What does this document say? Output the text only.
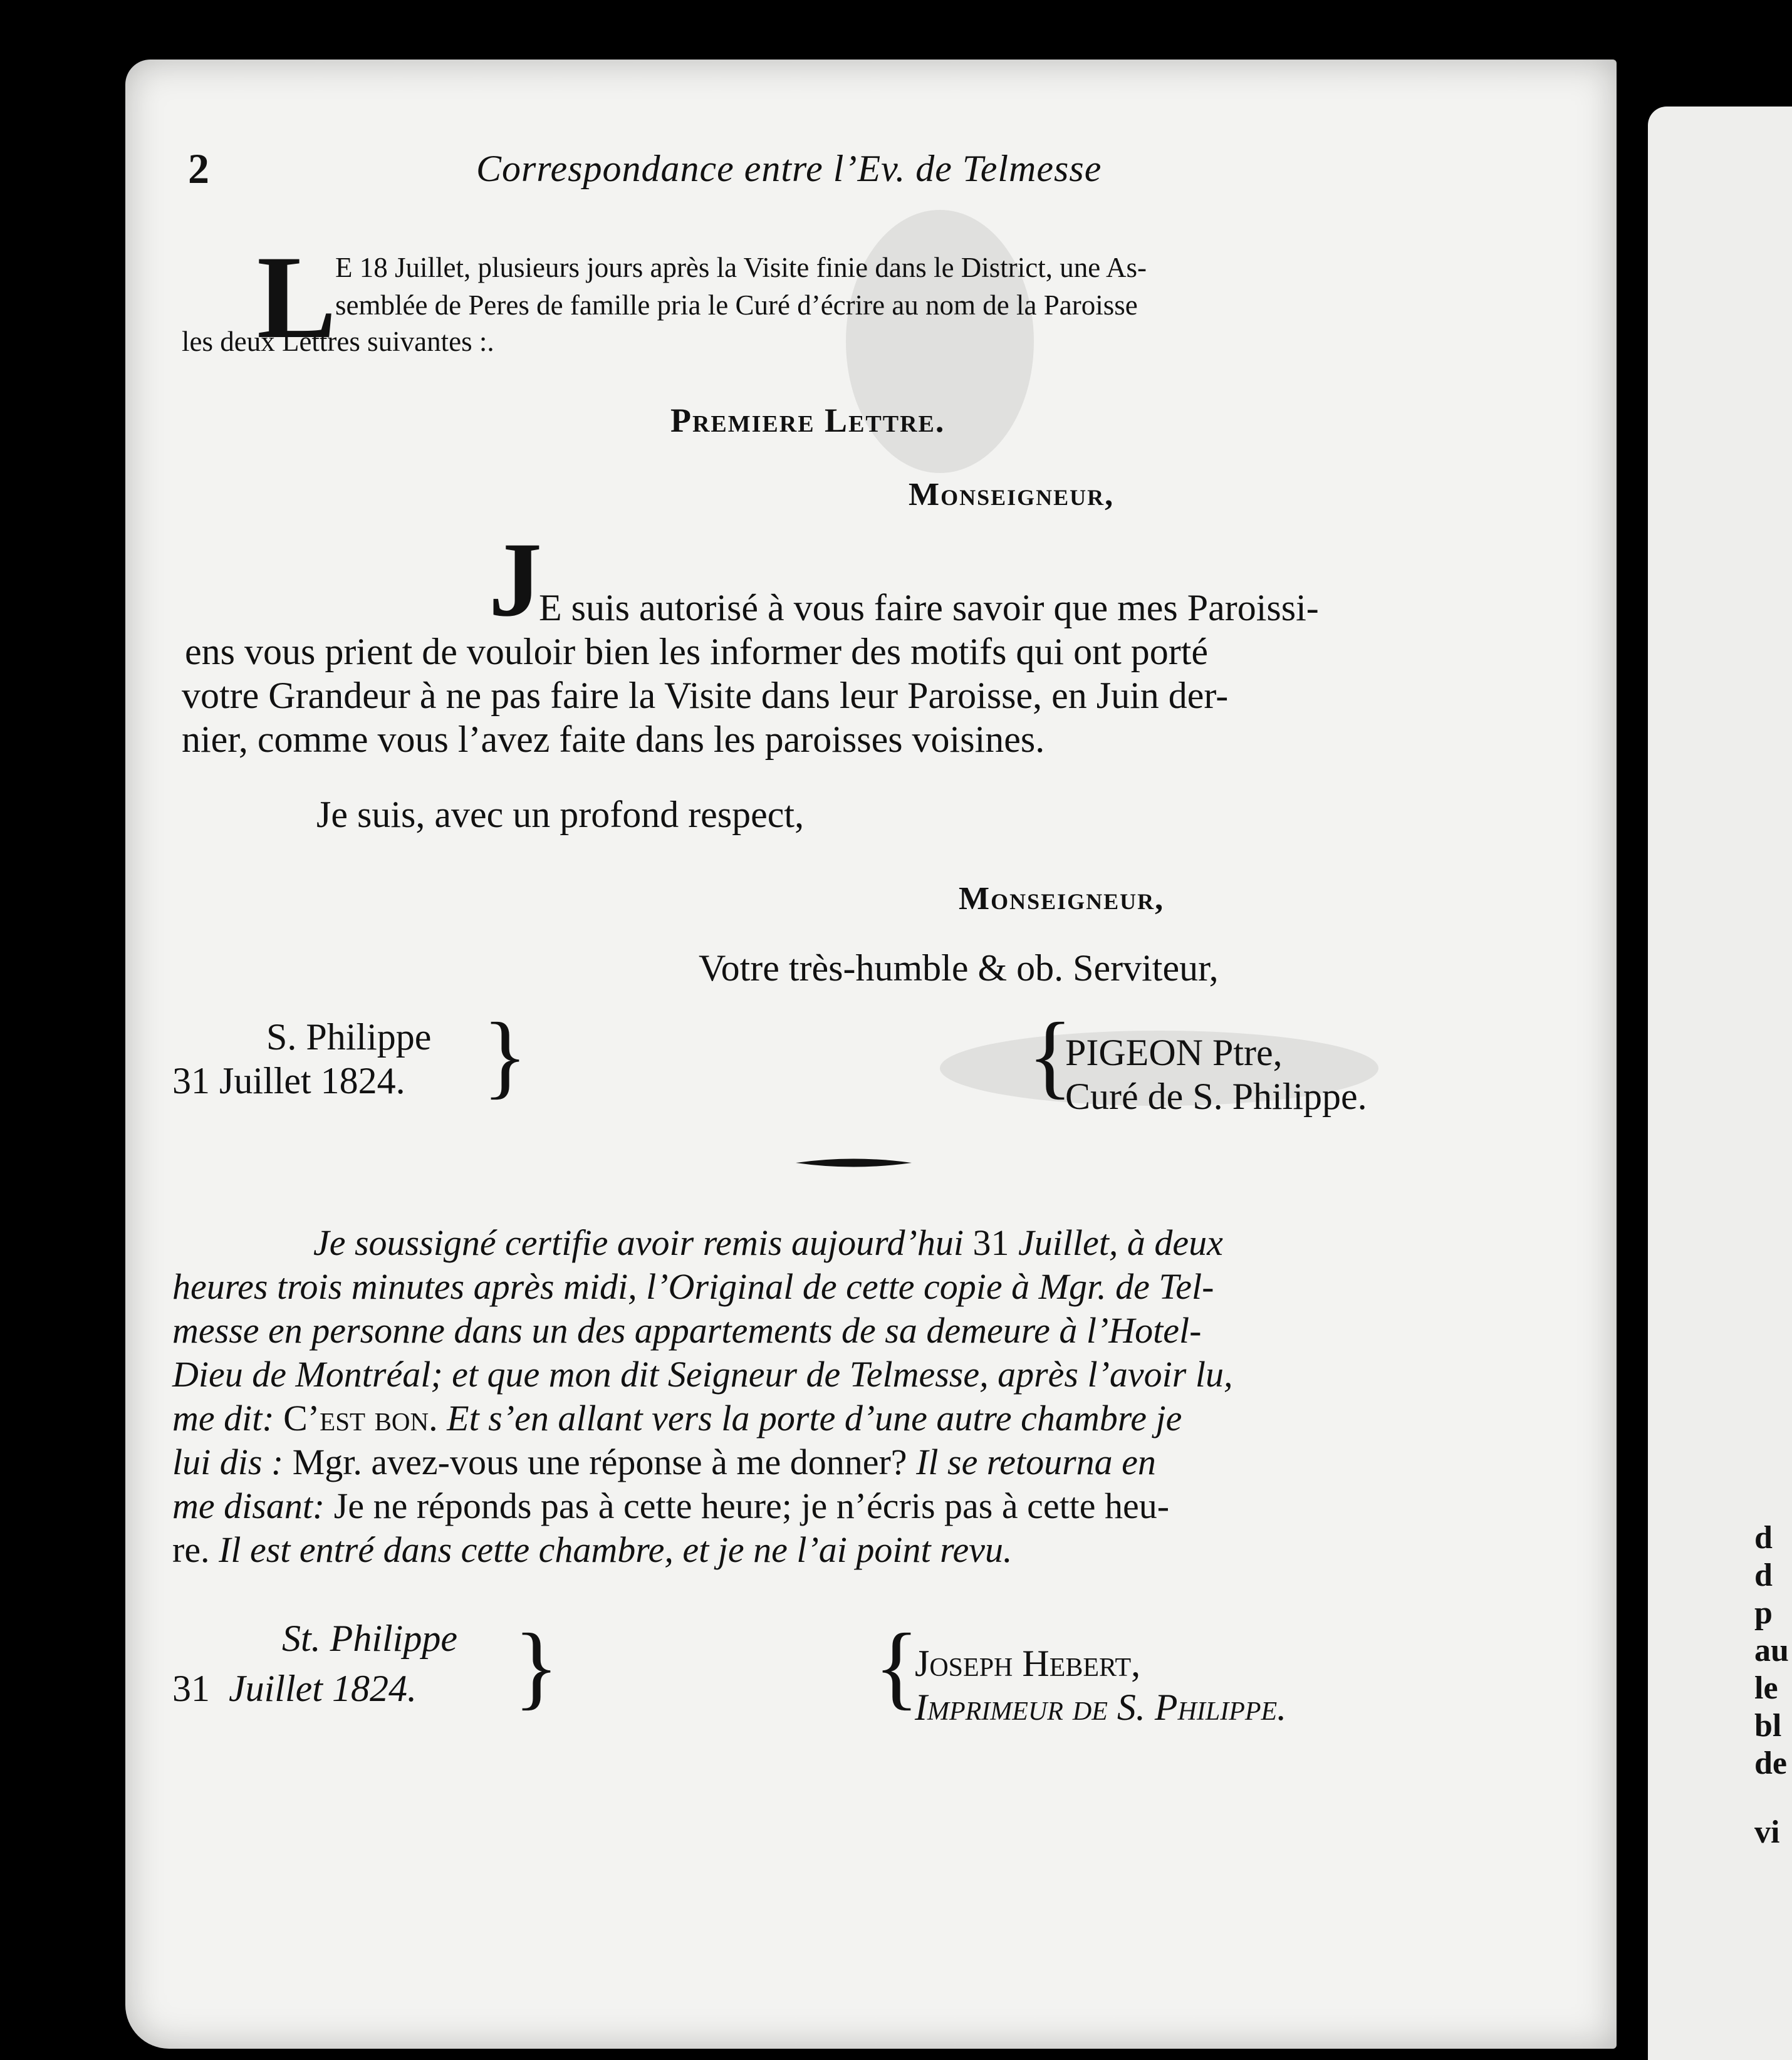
d
d
p
au
le
bl
de
vi
2	Correspondance entre l’Ev. de Telmesse
L
E 18 Juillet, plusieurs jours après la Visite finie dans le District, une As-
semblée de Peres de famille pria le Curé d’écrire au nom de la Paroisse
les deux Lettres suivantes :.
Premiere Lettre.
Monseigneur,
J
E suis autorisé à vous faire savoir que mes Paroissi-
ens vous prient de vouloir bien les informer des motifs qui ont porté
votre Grandeur à ne pas faire la Visite dans leur Paroisse, en Juin der-
nier, comme vous l’avez faite dans les paroisses voisines.
Je suis, avec un profond respect,
Monseigneur,
Votre très-humble & ob. Serviteur,
S. Philippe
31 Juillet 1824. }	{
PIGEON Ptre,
Curé de S. Philippe.
Je soussigné certifie avoir remis aujourd’hui 31 Juillet, à deux
heures trois minutes après midi, l’Original de cette copie à Mgr. de Tel-
messe en personne dans un des appartements de sa demeure à l’Hotel-
Dieu de Montréal; et que mon dit Seigneur de Telmesse, après l’avoir lu,
me dit: C’est bon. Et s’en allant vers la porte d’une autre chambre je
lui dis : Mgr. avez-vous une réponse à me donner? Il se retourna en
me disant: Je ne réponds pas à cette heure; je n’écris pas à cette heu-
re. Il est entré dans cette chambre, et je ne l’ai point revu.
St. Philippe
31 Juillet 1824. }	{
Joseph Hebert,
Imprimeur de S. Philippe.
